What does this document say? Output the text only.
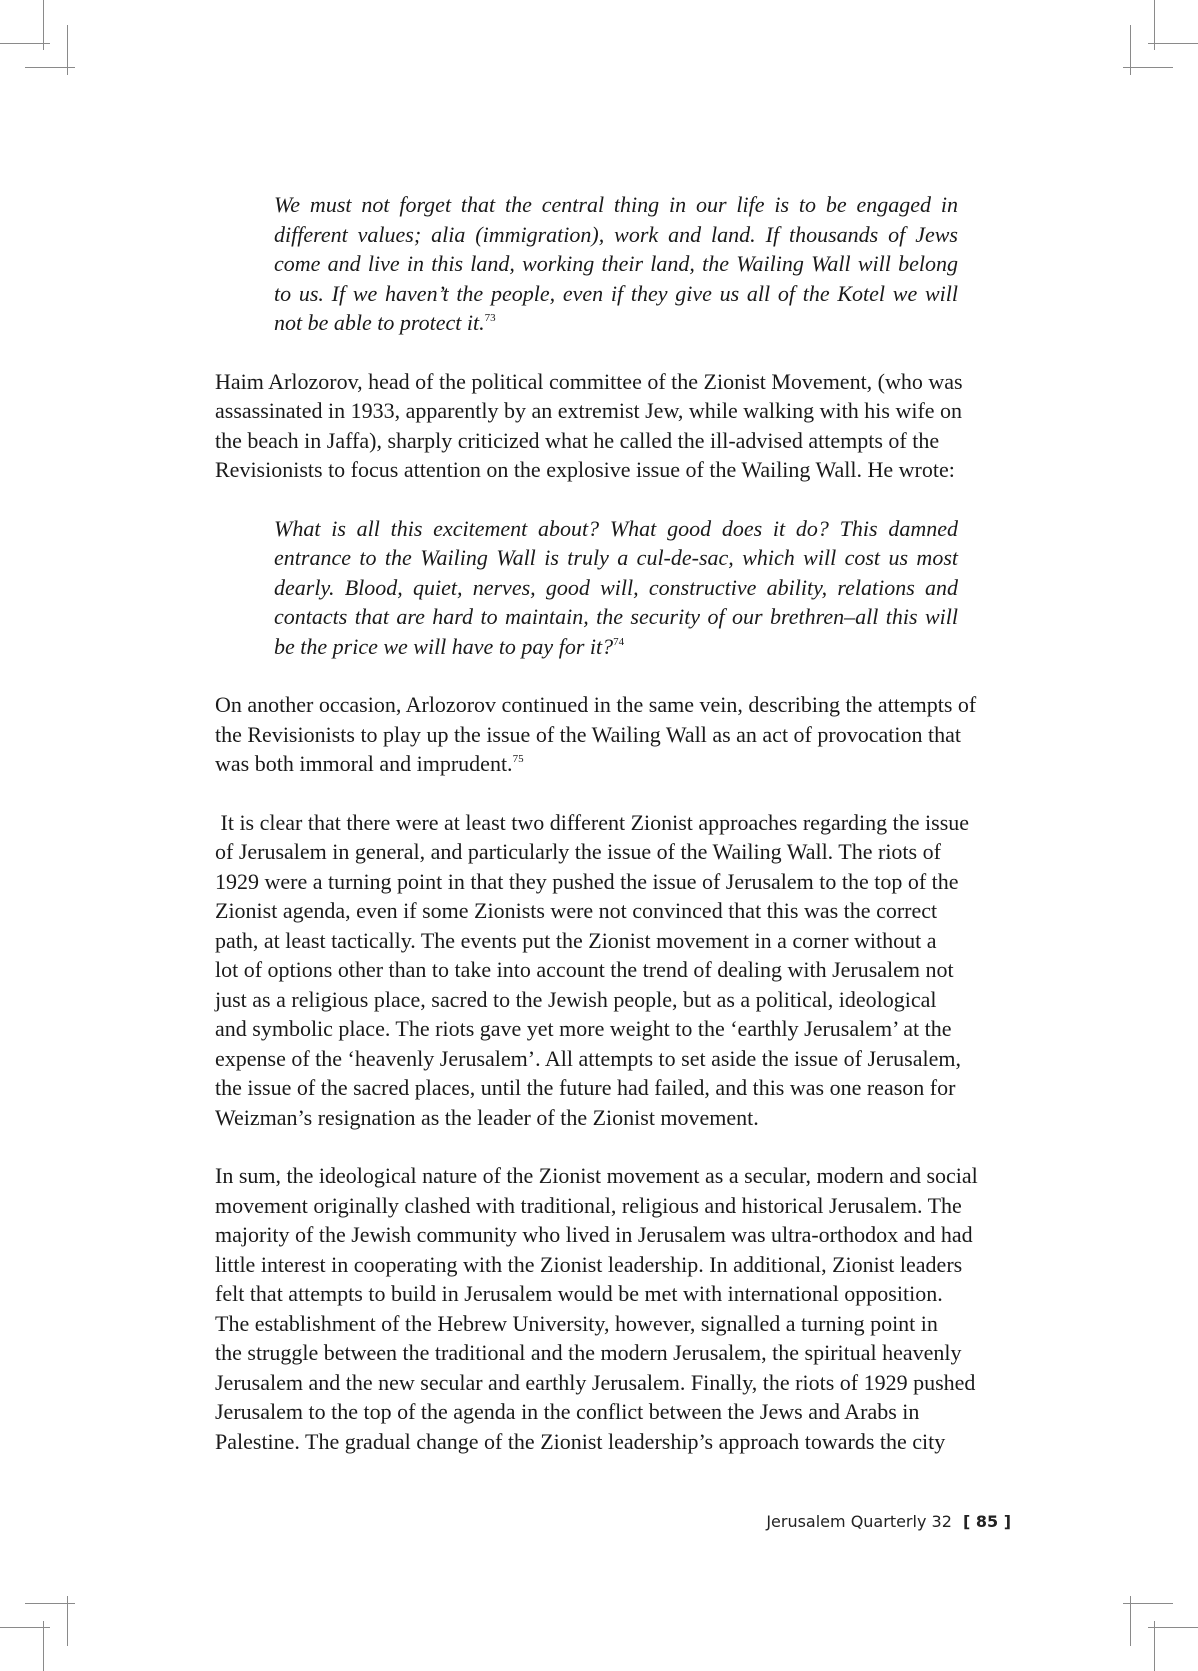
We must not forget that the central thing in our life is to be engaged in
different values; alia (immigration), work and land. If thousands of Jews
come and live in this land, working their land, the Wailing Wall will belong
to us. If we haven’t the people, even if they give us all of the Kotel we will
not be able to protect it.$^{73}$
Haim Arlozorov, head of the political committee of the Zionist Movement, (who was
assassinated in 1933, apparently by an extremist Jew, while walking with his wife on
the beach in Jaffa), sharply criticized what he called the ill-advised attempts of the
Revisionists to focus attention on the explosive issue of the Wailing Wall. He wrote:
What is all this excitement about? What good does it do? This damned
entrance to the Wailing Wall is truly a cul-de-sac, which will cost us most
dearly. Blood, quiet, nerves, good will, constructive ability, relations and
contacts that are hard to maintain, the security of our brethren–all this will
be the price we will have to pay for it?$^{74}$
On another occasion, Arlozorov continued in the same vein, describing the attempts of
the Revisionists to play up the issue of the Wailing Wall as an act of provocation that
was both immoral and imprudent.$^{75}$
It is clear that there were at least two different Zionist approaches regarding the issue
of Jerusalem in general, and particularly the issue of the Wailing Wall. The riots of
1929 were a turning point in that they pushed the issue of Jerusalem to the top of the
Zionist agenda, even if some Zionists were not convinced that this was the correct
path, at least tactically. The events put the Zionist movement in a corner without a
lot of options other than to take into account the trend of dealing with Jerusalem not
just as a religious place, sacred to the Jewish people, but as a political, ideological
and symbolic place. The riots gave yet more weight to the ‘earthly Jerusalem’ at the
expense of the ‘heavenly Jerusalem’. All attempts to set aside the issue of Jerusalem,
the issue of the sacred places, until the future had failed, and this was one reason for
Weizman’s resignation as the leader of the Zionist movement.
In sum, the ideological nature of the Zionist movement as a secular, modern and social
movement originally clashed with traditional, religious and historical Jerusalem. The
majority of the Jewish community who lived in Jerusalem was ultra-orthodox and had
little interest in cooperating with the Zionist leadership. In additional, Zionist leaders
felt that attempts to build in Jerusalem would be met with international opposition.
The establishment of the Hebrew University, however, signalled a turning point in
the struggle between the traditional and the modern Jerusalem, the spiritual heavenly
Jerusalem and the new secular and earthly Jerusalem. Finally, the riots of 1929 pushed
Jerusalem to the top of the agenda in the conflict between the Jews and Arabs in
Palestine. The gradual change of the Zionist leadership’s approach towards the city
Jerusalem Quarterly 32 [ 85 ]
